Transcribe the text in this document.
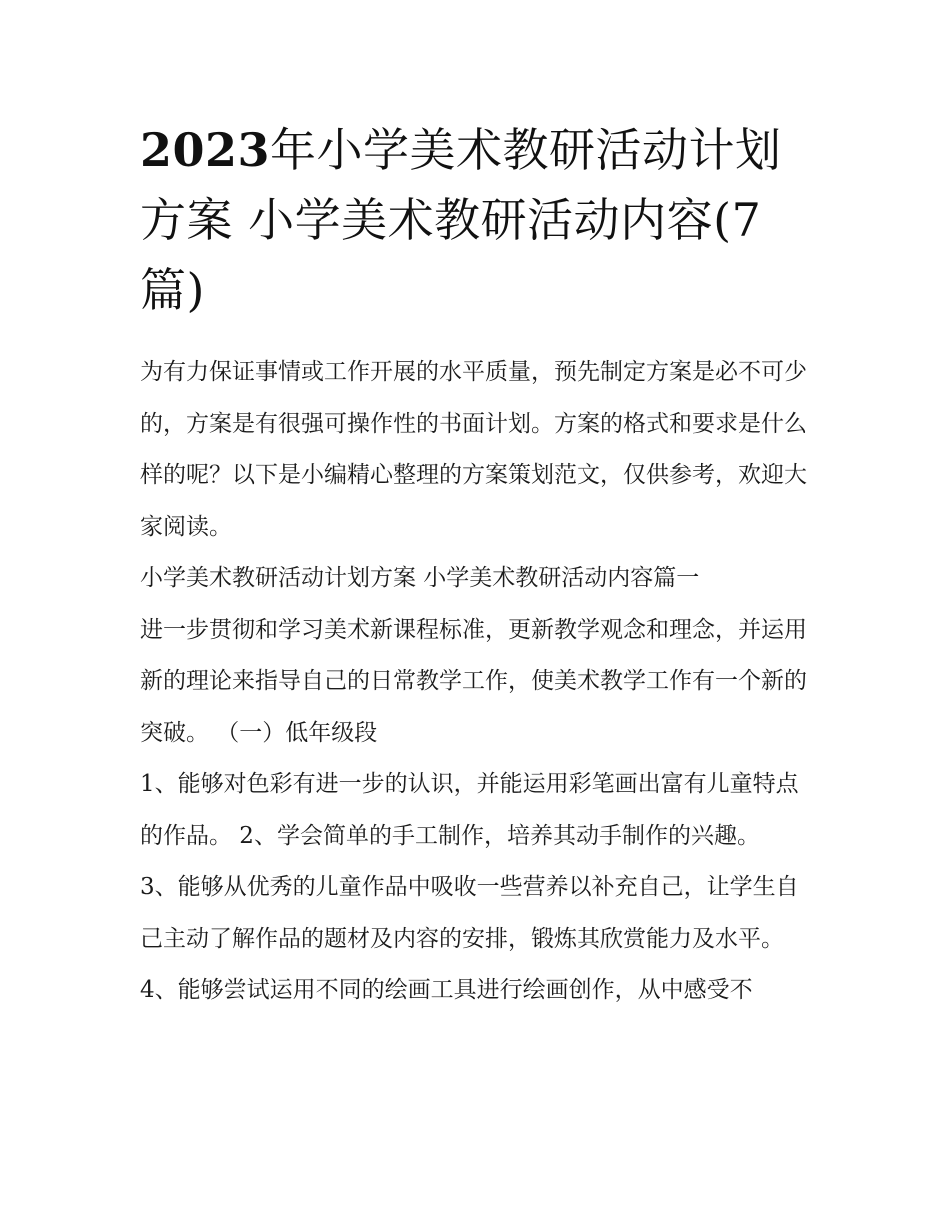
2023年小学美术教研活动计划方案 小学美术教研活动内容(7篇)

为有力保证事情或工作开展的水平质量，预先制定方案是必不可少的，方案是有很强可操作性的书面计划。方案的格式和要求是什么样的呢？以下是小编精心整理的方案策划范文，仅供参考，欢迎大家阅读。

小学美术教研活动计划方案 小学美术教研活动内容篇一

进一步贯彻和学习美术新课程标准，更新教学观念和理念，并运用新的理论来指导自己的日常教学工作，使美术教学工作有一个新的突破。 （一）低年级段

1、能够对色彩有进一步的认识，并能运用彩笔画出富有儿童特点的作品。 2、学会简单的手工制作，培养其动手制作的兴趣。

3、能够从优秀的儿童作品中吸收一些营养以补充自己，让学生自己主动了解作品的题材及内容的安排，锻炼其欣赏能力及水平。

4、能够尝试运用不同的绘画工具进行绘画创作，从中感受不
